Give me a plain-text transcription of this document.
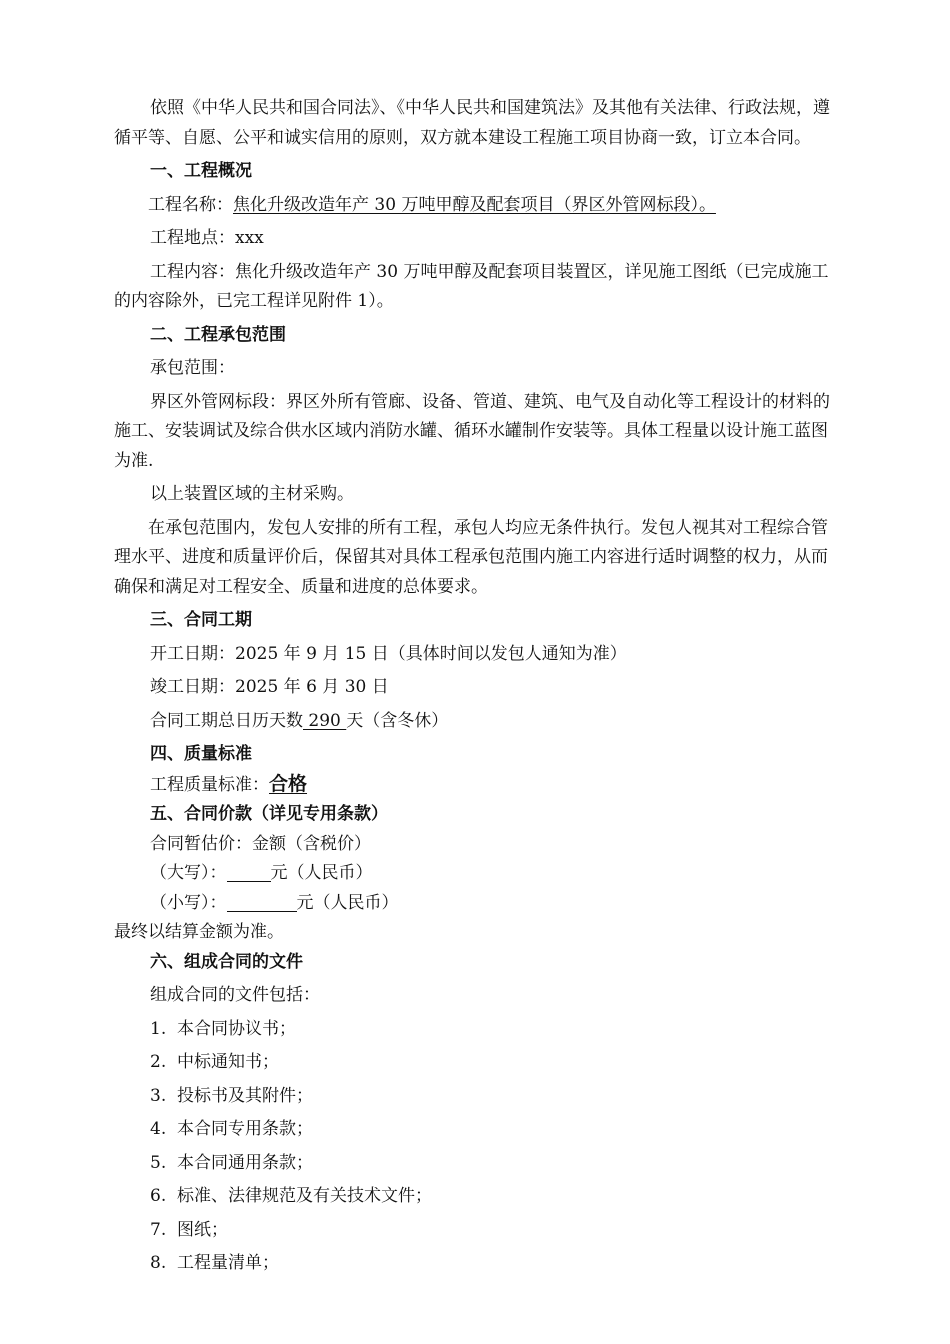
依照《中华人民共和国合同法》、《中华人民共和国建筑法》及其他有关法律、行政法规，遵循平等、自愿、公平和诚实信用的原则，双方就本建设工程施工项目协商一致，订立本合同。

一、工程概况

工程名称：焦化升级改造年产 30 万吨甲醇及配套项目（界区外管网标段）。

工程地点：xxx

工程内容：焦化升级改造年产 30 万吨甲醇及配套项目装置区，详见施工图纸（已完成施工的内容除外，已完工程详见附件 1）。

二、工程承包范围

承包范围：

界区外管网标段：界区外所有管廊、设备、管道、建筑、电气及自动化等工程设计的材料的施工、安装调试及综合供水区域内消防水罐、循环水罐制作安装等。具体工程量以设计施工蓝图为准.

以上装置区域的主材采购。

在承包范围内，发包人安排的所有工程，承包人均应无条件执行。发包人视其对工程综合管理水平、进度和质量评价后，保留其对具体工程承包范围内施工内容进行适时调整的权力，从而确保和满足对工程安全、质量和进度的总体要求。

三、合同工期

开工日期：2025 年 9 月 15 日（具体时间以发包人通知为准）

竣工日期：2025 年 6 月 30 日

合同工期总日历天数 290 天（含冬休）

四、质量标准

工程质量标准：合格

五、合同价款（详见专用条款）

合同暂估价：金额（含税价）

（大写）：	元（人民币）

（小写）：	元（人民币）

最终以结算金额为准。

六、组成合同的文件

组成合同的文件包括：

1.  本合同协议书；

2.  中标通知书；

3.  投标书及其附件；

4.  本合同专用条款；

5.  本合同通用条款；

6.  标准、法律规范及有关技术文件；

7.  图纸；

8.  工程量清单；
